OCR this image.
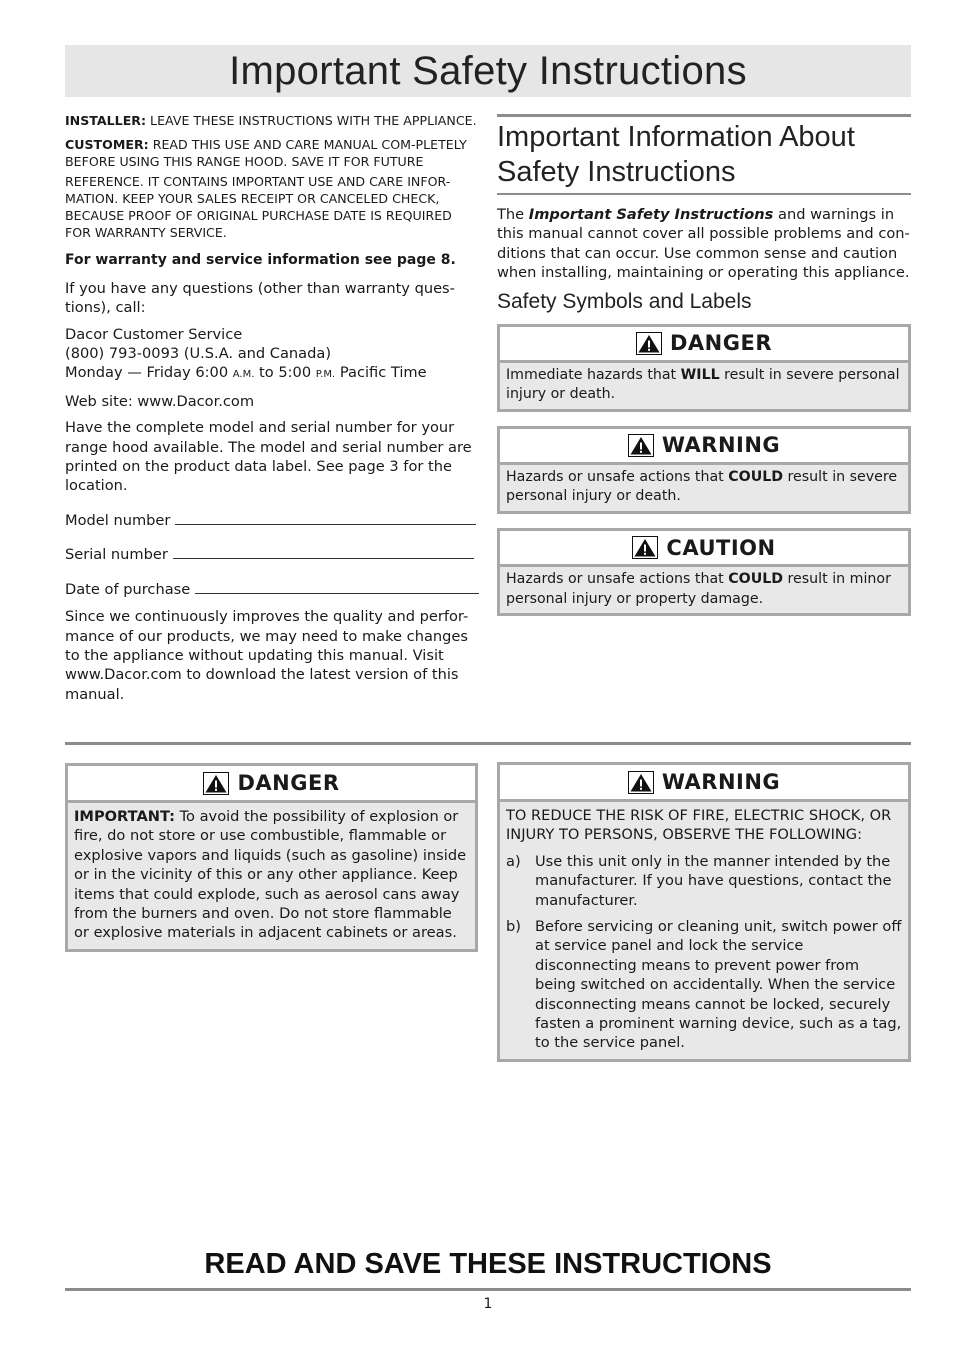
Important Safety Instructions

INSTALLER: LEAVE THESE INSTRUCTIONS WITH THE APPLIANCE.

CUSTOMER: READ THIS USE AND CARE MANUAL COM-PLETELY BEFORE USING THIS RANGE HOOD. SAVE IT FOR FUTURE

REFERENCE. IT CONTAINS IMPORTANT USE AND CARE INFOR-MATION. KEEP YOUR SALES RECEIPT OR CANCELED CHECK, BECAUSE PROOF OF ORIGINAL PURCHASE DATE IS REQUIRED FOR WARRANTY SERVICE.

For warranty and service information see page 8.

If you have any questions (other than warranty ques-tions), call:

Dacor Customer Service
(800) 793-0093 (U.S.A. and Canada)
Monday — Friday 6:00 A.M. to 5:00 P.M. Pacific Time

Web site: www.Dacor.com

Have the complete model and serial number for your range hood available. The model and serial number are printed on the product data label. See page 3 for the location.

Model number
Serial number
Date of purchase

Since we continuously improves the quality and perfor-mance of our products, we may need to make changes to the appliance without updating this manual. Visit www.Dacor.com to download the latest version of this manual.

Important Information About
Safety Instructions

The Important Safety Instructions and warnings in this manual cannot cover all possible problems and con-ditions that can occur. Use common sense and caution when installing, maintaining or operating this appliance.

Safety Symbols and Labels
DANGER
Immediate hazards that WILL result in severe personal injury or death.
WARNING
Hazards or unsafe actions that COULD result in severe personal injury or death.
CAUTION
Hazards or unsafe actions that COULD result in minor personal injury or property damage.
DANGER
IMPORTANT: To avoid the possibility of explosion or fire, do not store or use combustible, flammable or explosive vapors and liquids (such as gasoline) inside or in the vicinity of this or any other appliance. Keep items that could explode, such as aerosol cans away from the burners and oven. Do not store flammable or explosive materials in adjacent cabinets or areas.
WARNING
TO REDUCE THE RISK OF FIRE, ELECTRIC SHOCK, OR INJURY TO PERSONS, OBSERVE THE FOLLOWING:
a) Use this unit only in the manner intended by the manufacturer. If you have questions, contact the manufacturer.
b) Before servicing or cleaning unit, switch power off at service panel and lock the service disconnecting means to prevent power from being switched on accidentally. When the service disconnecting means cannot be locked, securely fasten a prominent warning device, such as a tag, to the service panel.
READ AND SAVE THESE INSTRUCTIONS
1
